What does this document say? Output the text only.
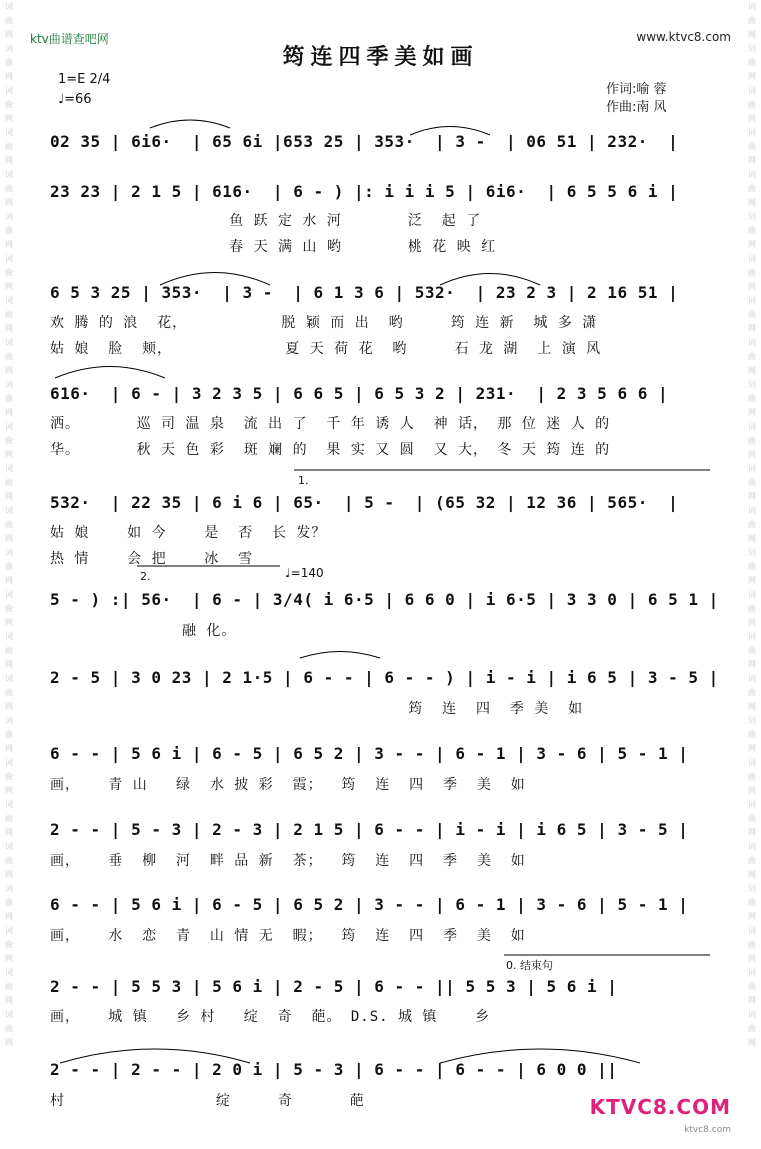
词曲网词曲网词曲网词曲网词曲网词曲网词曲网词曲网词曲网词曲网词曲网词曲网词曲网词曲网词曲网词曲网词曲网词曲网词曲网词曲网词曲网词曲网词曲网词曲网词曲网
词曲网词曲网词曲网词曲网词曲网词曲网词曲网词曲网词曲网词曲网词曲网词曲网词曲网词曲网词曲网词曲网词曲网词曲网词曲网词曲网词曲网词曲网词曲网词曲网词曲网
ktv曲谱查吧网	www.ktvc8.com
筠连四季美如画
1=E 2/4
♩=66
作词:喻 蓉
作曲:南 风
02 35 | 6i6·  | 65 6i |653 25 | 353·  | 3 -  | 06 51 | 232·  |
23 23 | 2 1 5 | 616·  | 6 - ) |: i i i 5 | 6i6·  | 6 5 5 6 i |
鱼 跃 定 水 河       泛  起 了
春 天 满 山 哟       桃 花 映 红
6 5 3 25 | 353·  | 3 -  | 6 1 3 6 | 532·  | 23 2 3 | 2 16 51 |
欢 腾 的 浪  花，          脱 颖 而 出  哟     筠 连 新  城 多 潇
姑 娘  脸  颊，            夏 天 荷 花  哟     石 龙 湖  上 演 风
616·  | 6 - | 3 2 3 5 | 6 6 5 | 6 5 3 2 | 231·  | 2 3 5 6 6 |
洒。      巡 司 温 泉  流 出 了  千 年 诱 人  神 话， 那 位 迷 人 的
华。      秋 天 色 彩  斑 斓 的  果 实 又 圆  又 大， 冬 天 筠 连 的
1.
532·  | 22 35 | 6 i 6 | 65·  | 5 -  | (65 32 | 12 36 | 565·  |
姑 娘    如 今    是  否  长 发？
热 情    会 把    冰  雪
2.	♩=140
5 - ) :| 56·  | 6 - | 3/4( i 6·5 | 6 6 0 | i 6·5 | 3 3 0 | 6 5 1 |
融 化。
2 - 5 | 3 0 23 | 2 1·5 | 6 - - | 6 - - ) | i - i | i 6 5 | 3 - 5 |
筠  连  四  季 美  如
6 - - | 5 6 i | 6 - 5 | 6 5 2 | 3 - - | 6 - 1 | 3 - 6 | 5 - 1 |
画，   青 山   绿  水 披 彩  霞；  筠  连  四  季  美  如
2 - - | 5 - 3 | 2 - 3 | 2 1 5 | 6 - - | i - i | i 6 5 | 3 - 5 |
画，   垂  柳  河  畔 品 新  茶；  筠  连  四  季  美  如
6 - - | 5 6 i | 6 - 5 | 6 5 2 | 3 - - | 6 - 1 | 3 - 6 | 5 - 1 |
画，   水  恋  青  山 情 无  暇；  筠  连  四  季  美  如
0. 结束句
2 - - | 5 5 3 | 5 6 i | 2 - 5 | 6 - - || 5 5 3 | 5 6 i |
画，   城 镇   乡 村   绽  奇  葩。 D.S. 城 镇    乡
2 - - | 2 - - | 2 0 i | 5 - 3 | 6 - - | 6 - - | 6 0 0 ||
村                绽     奇      葩	KTVC8.COM
ktvc8.com
